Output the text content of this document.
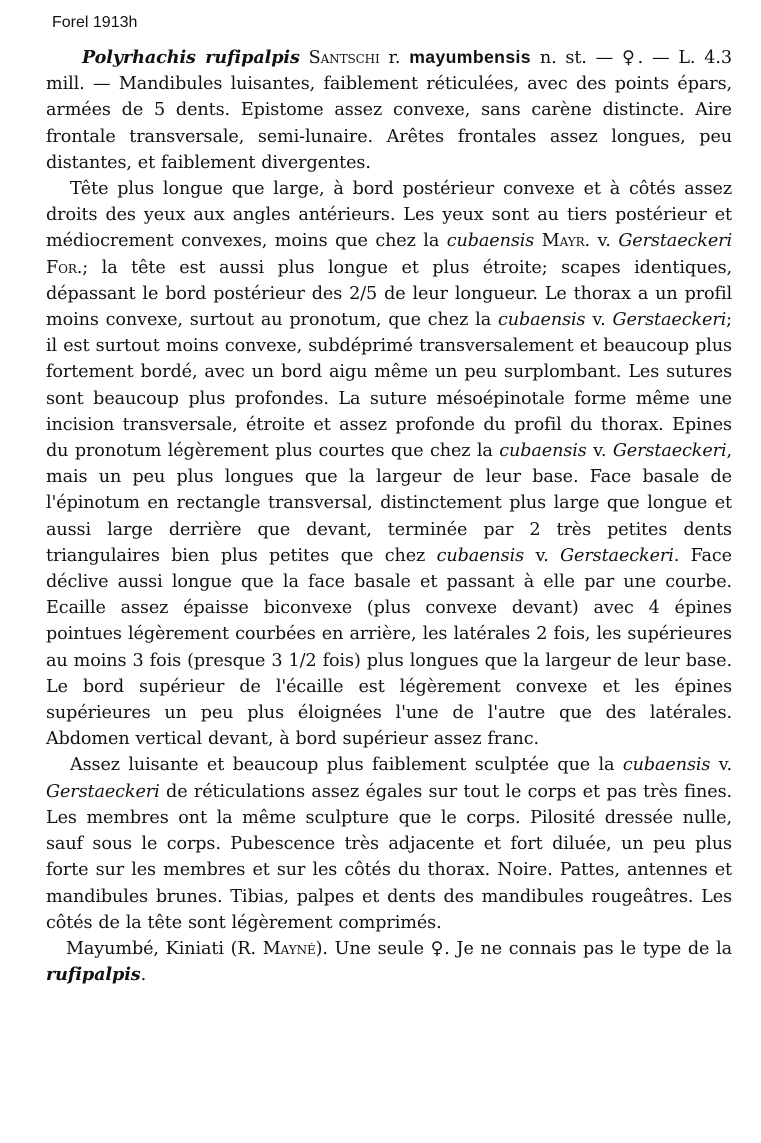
Forel 1913h

Polyrhachis rufipalpis Santschi r. mayumbensis n. st. — ♀. — L. 4.3 mill. — Mandibules luisantes, faiblement réticulées, avec des points épars, armées de 5 dents. Epistome assez convexe, sans carène distincte. Aire frontale transversale, semi-lunaire. Arêtes frontales assez longues, peu distantes, et faiblement divergentes.

Tête plus longue que large, à bord postérieur convexe et à côtés assez droits des yeux aux angles antérieurs. Les yeux sont au tiers postérieur et médiocrement convexes, moins que chez la cubaensis Mayr. v. Gerstaeckeri For.; la tête est aussi plus longue et plus étroite; scapes identiques, dépassant le bord postérieur des 2/5 de leur longueur. Le thorax a un profil moins convexe, surtout au pronotum, que chez la cubaensis v. Gerstaeckeri; il est surtout moins convexe, subdéprimé transversalement et beaucoup plus fortement bordé, avec un bord aigu même un peu surplombant. Les sutures sont beaucoup plus profondes. La suture mésoépinotale forme même une incision transversale, étroite et assez profonde du profil du thorax. Epines du pronotum légèrement plus courtes que chez la cubaensis v. Gerstaeckeri, mais un peu plus longues que la largeur de leur base. Face basale de l'épinotum en rectangle transversal, distinctement plus large que longue et aussi large derrière que devant, terminée par 2 très petites dents triangulaires bien plus petites que chez cubaensis v. Gerstaeckeri. Face déclive aussi longue que la face basale et passant à elle par une courbe. Ecaille assez épaisse biconvexe (plus convexe devant) avec 4 épines pointues légèrement courbées en arrière, les latérales 2 fois, les supérieures au moins 3 fois (presque 3 1/2 fois) plus longues que la largeur de leur base. Le bord supérieur de l'écaille est légèrement convexe et les épines supérieures un peu plus éloignées l'une de l'autre que des latérales. Abdomen vertical devant, à bord supérieur assez franc.

Assez luisante et beaucoup plus faiblement sculptée que la cubaensis v. Gerstaeckeri de réticulations assez égales sur tout le corps et pas très fines. Les membres ont la même sculpture que le corps. Pilosité dressée nulle, sauf sous le corps. Pubescence très adjacente et fort diluée, un peu plus forte sur les membres et sur les côtés du thorax. Noire. Pattes, antennes et mandibules brunes. Tibias, palpes et dents des mandibules rougeâtres. Les côtés de la tête sont légèrement comprimés.

Mayumbé, Kiniati (R. Mayné). Une seule ♀. Je ne connais pas le type de la rufipalpis.
